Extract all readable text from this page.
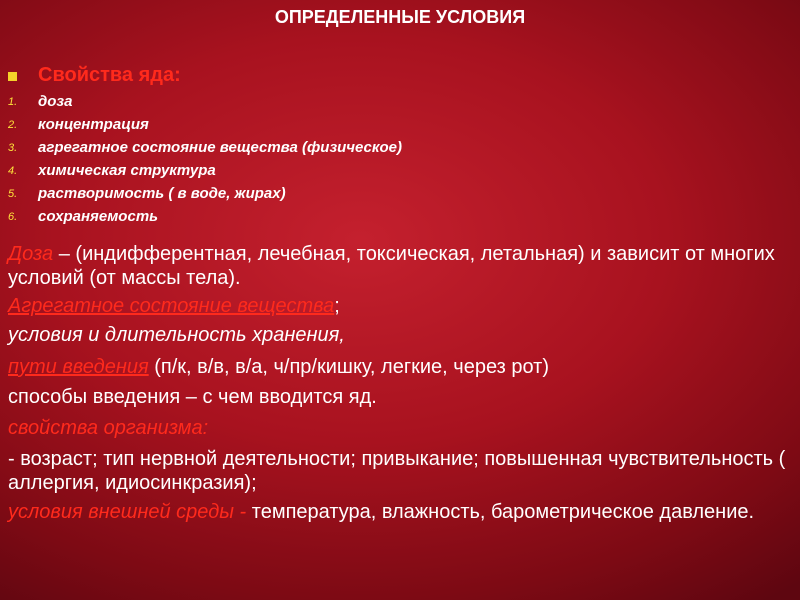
ОПРЕДЕЛЕННЫЕ УСЛОВИЯ
Свойства яда:
1.	доза
2.	концентрация
3.	агрегатное состояние вещества (физическое)
4.	химическая структура
5.	растворимость ( в воде, жирах)
6.	сохраняемость

Доза – (индифферентная, лечебная, токсическая, летальная) и зависит от многих условий (от массы тела).

Агрегатное состояние вещества;

условия и длительность хранения,

пути введения (п/к, в/в, в/а, ч/пр/кишку, легкие, через рот)

способы введения – с чем вводится яд.

свойства организма:

- возраст; тип нервной деятельности; привыкание; повышенная чувствительность ( аллергия, идиосинкразия);

условия внешней среды - температура, влажность, барометрическое давление.
